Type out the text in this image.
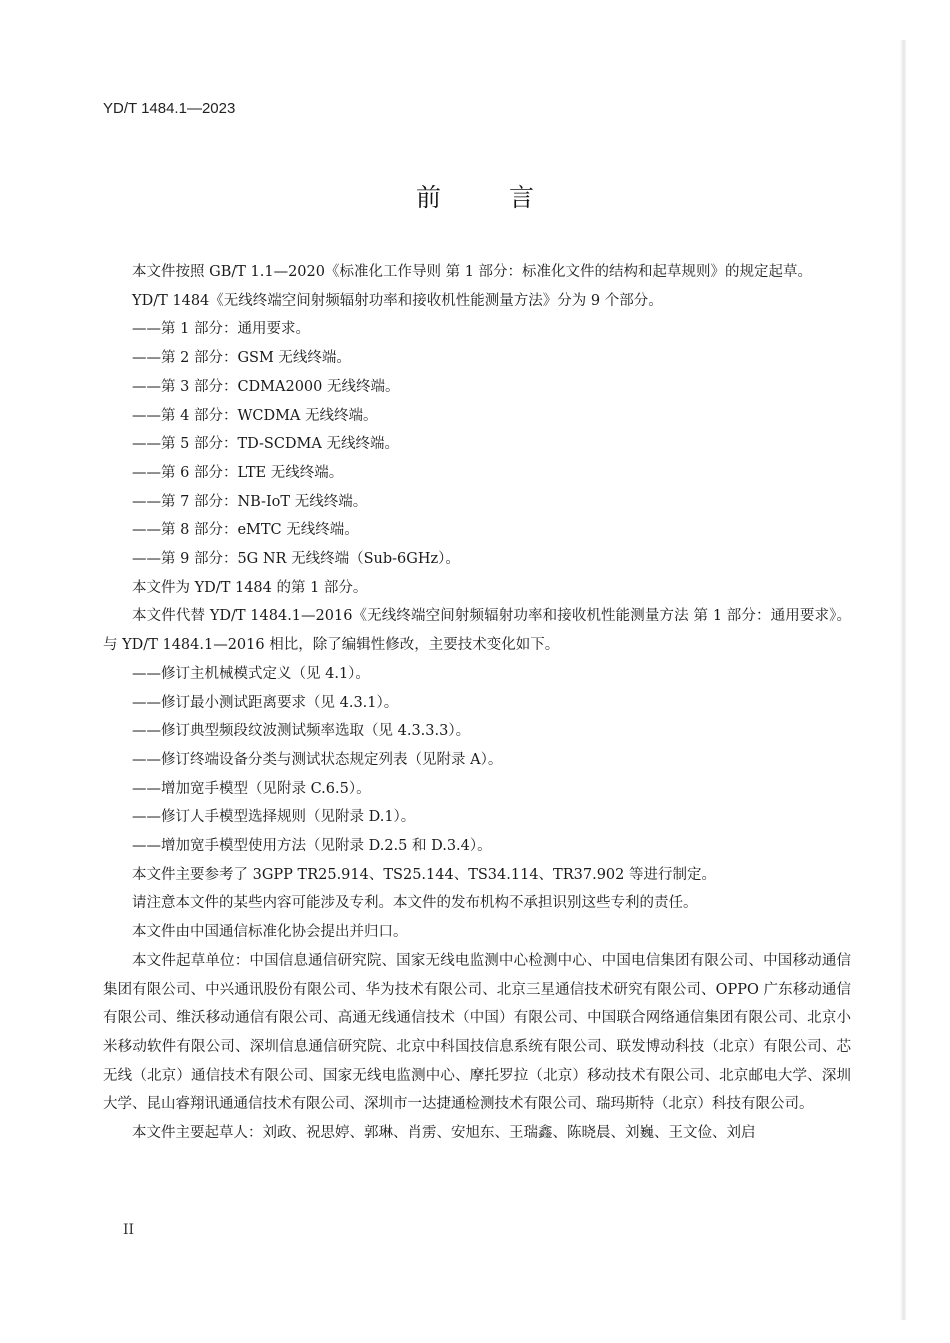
YD/T 1484.1—2023
前 言

本文件按照 GB/T 1.1—2020《标准化工作导则 第 1 部分：标准化文件的结构和起草规则》的规定起草。

YD/T 1484《无线终端空间射频辐射功率和接收机性能测量方法》分为 9 个部分。

——第 1 部分：通用要求。

——第 2 部分：GSM 无线终端。

——第 3 部分：CDMA2000 无线终端。

——第 4 部分：WCDMA 无线终端。

——第 5 部分：TD-SCDMA 无线终端。

——第 6 部分：LTE 无线终端。

——第 7 部分：NB-IoT 无线终端。

——第 8 部分：eMTC 无线终端。

——第 9 部分：5G NR 无线终端（Sub-6GHz）。

本文件为 YD/T 1484 的第 1 部分。

本文件代替 YD/T 1484.1—2016《无线终端空间射频辐射功率和接收机性能测量方法 第 1 部分：通用要求》。与 YD/T 1484.1—2016 相比，除了编辑性修改，主要技术变化如下。

——修订主机械模式定义（见 4.1）。

——修订最小测试距离要求（见 4.3.1）。

——修订典型频段纹波测试频率选取（见 4.3.3.3）。

——修订终端设备分类与测试状态规定列表（见附录 A）。

——增加宽手模型（见附录 C.6.5）。

——修订人手模型选择规则（见附录 D.1）。

——增加宽手模型使用方法（见附录 D.2.5 和 D.3.4）。

本文件主要参考了 3GPP TR25.914、TS25.144、TS34.114、TR37.902 等进行制定。

请注意本文件的某些内容可能涉及专利。本文件的发布机构不承担识别这些专利的责任。

本文件由中国通信标准化协会提出并归口。

本文件起草单位：中国信息通信研究院、国家无线电监测中心检测中心、中国电信集团有限公司、中国移动通信集团有限公司、中兴通讯股份有限公司、华为技术有限公司、北京三星通信技术研究有限公司、OPPO 广东移动通信有限公司、维沃移动通信有限公司、高通无线通信技术（中国）有限公司、中国联合网络通信集团有限公司、北京小米移动软件有限公司、深圳信息通信研究院、北京中科国技信息系统有限公司、联发博动科技（北京）有限公司、芯无线（北京）通信技术有限公司、国家无线电监测中心、摩托罗拉（北京）移动技术有限公司、北京邮电大学、深圳大学、昆山睿翔讯通通信技术有限公司、深圳市一达捷通检测技术有限公司、瑞玛斯特（北京）科技有限公司。

本文件主要起草人：刘政、祝思婷、郭琳、肖雳、安旭东、王瑞鑫、陈晓晨、刘巍、王文俭、刘启

II
